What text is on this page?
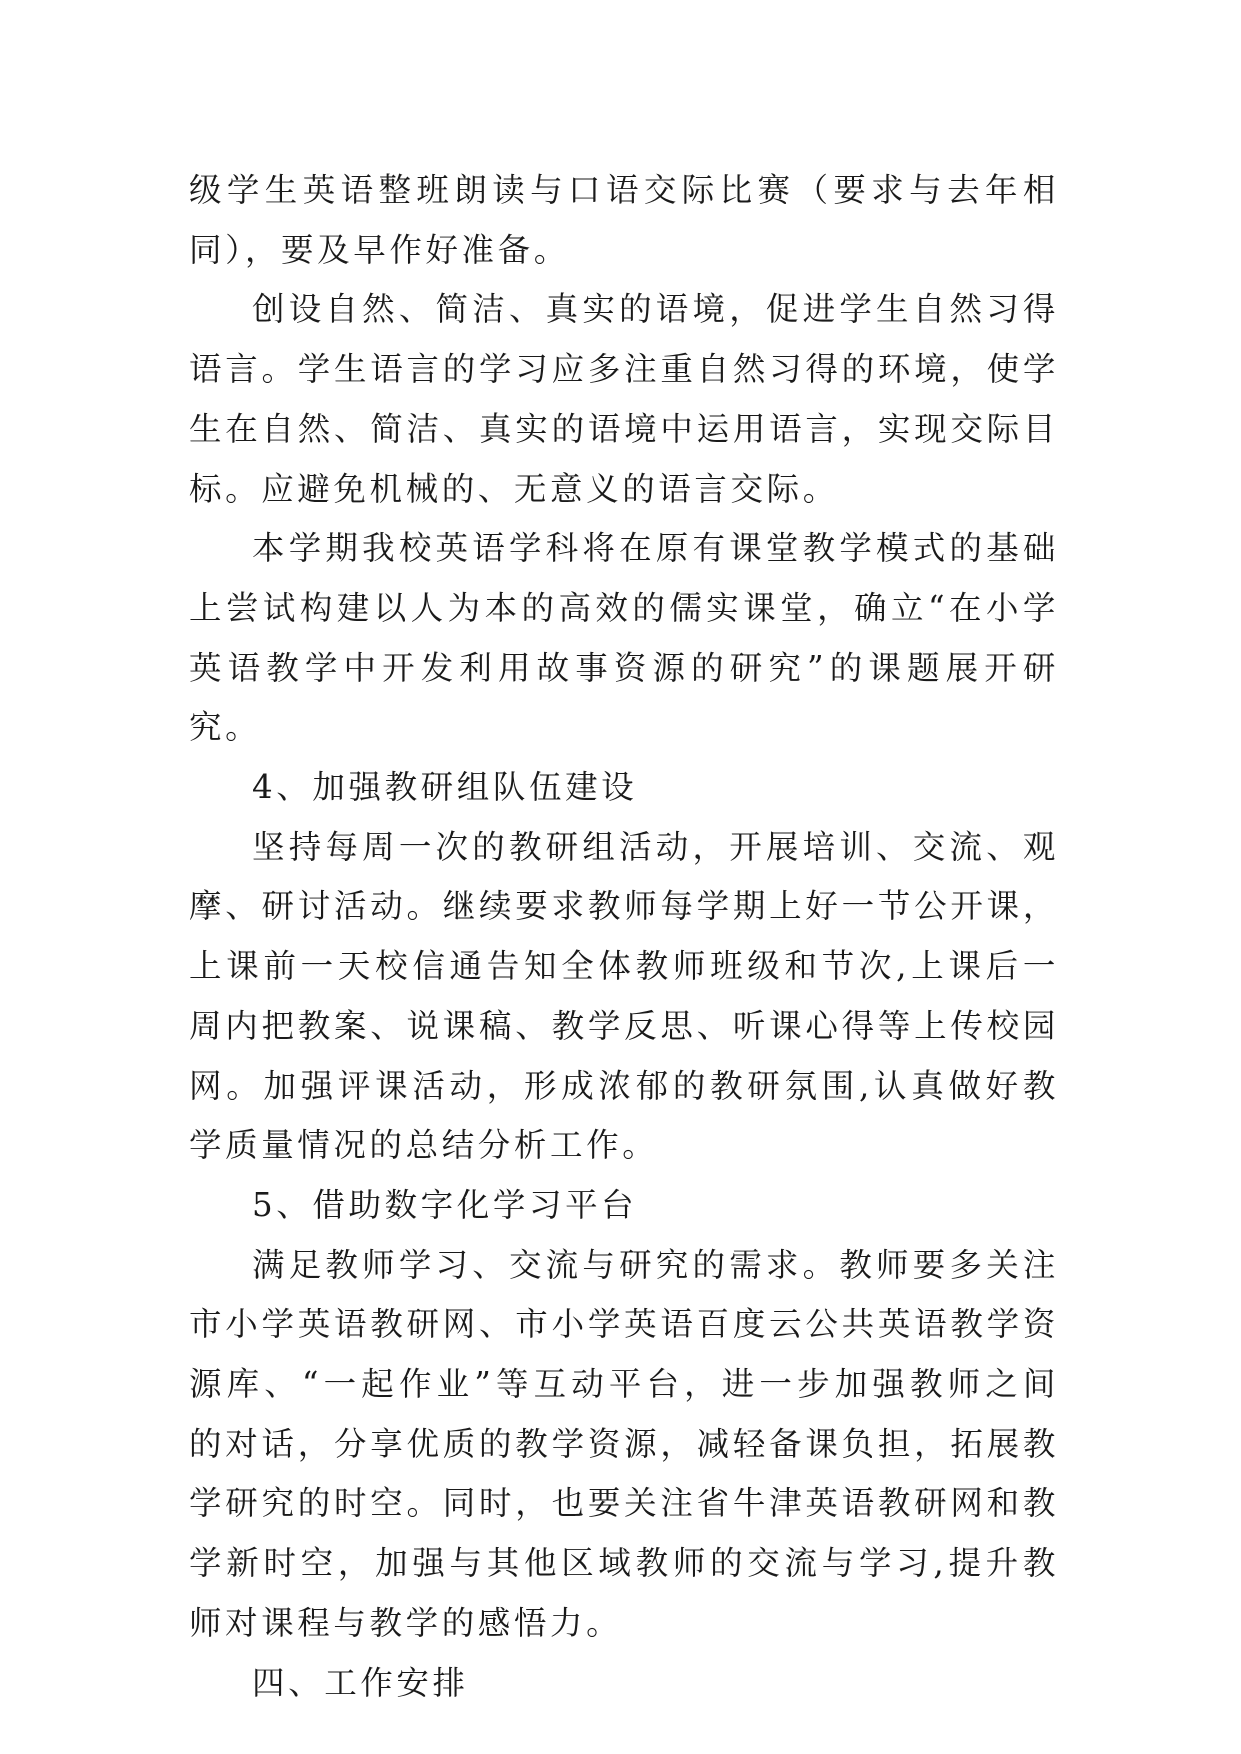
级学生英语整班朗读与口语交际比赛（要求与去年相同），要及早作好准备。

创设自然、简洁、真实的语境，促进学生自然习得语言。学生语言的学习应多注重自然习得的环境，使学生在自然、简洁、真实的语境中运用语言，实现交际目标。应避免机械的、无意义的语言交际。

本学期我校英语学科将在原有课堂教学模式的基础上尝试构建以人为本的高效的儒实课堂，确立“在小学英语教学中开发利用故事资源的研究”的课题展开研究。

4、加强教研组队伍建设

坚持每周一次的教研组活动，开展培训、交流、观摩、研讨活动。继续要求教师每学期上好一节公开课，上课前一天校信通告知全体教师班级和节次,上课后一周内把教案、说课稿、教学反思、听课心得等上传校园网。加强评课活动，形成浓郁的教研氛围,认真做好教学质量情况的总结分析工作。

5、借助数字化学习平台

满足教师学习、交流与研究的需求。教师要多关注市小学英语教研网、市小学英语百度云公共英语教学资源库、“一起作业”等互动平台，进一步加强教师之间的对话，分享优质的教学资源，减轻备课负担，拓展教学研究的时空。同时，也要关注省牛津英语教研网和教学新时空，加强与其他区域教师的交流与学习,提升教师对课程与教学的感悟力。

四、工作安排
